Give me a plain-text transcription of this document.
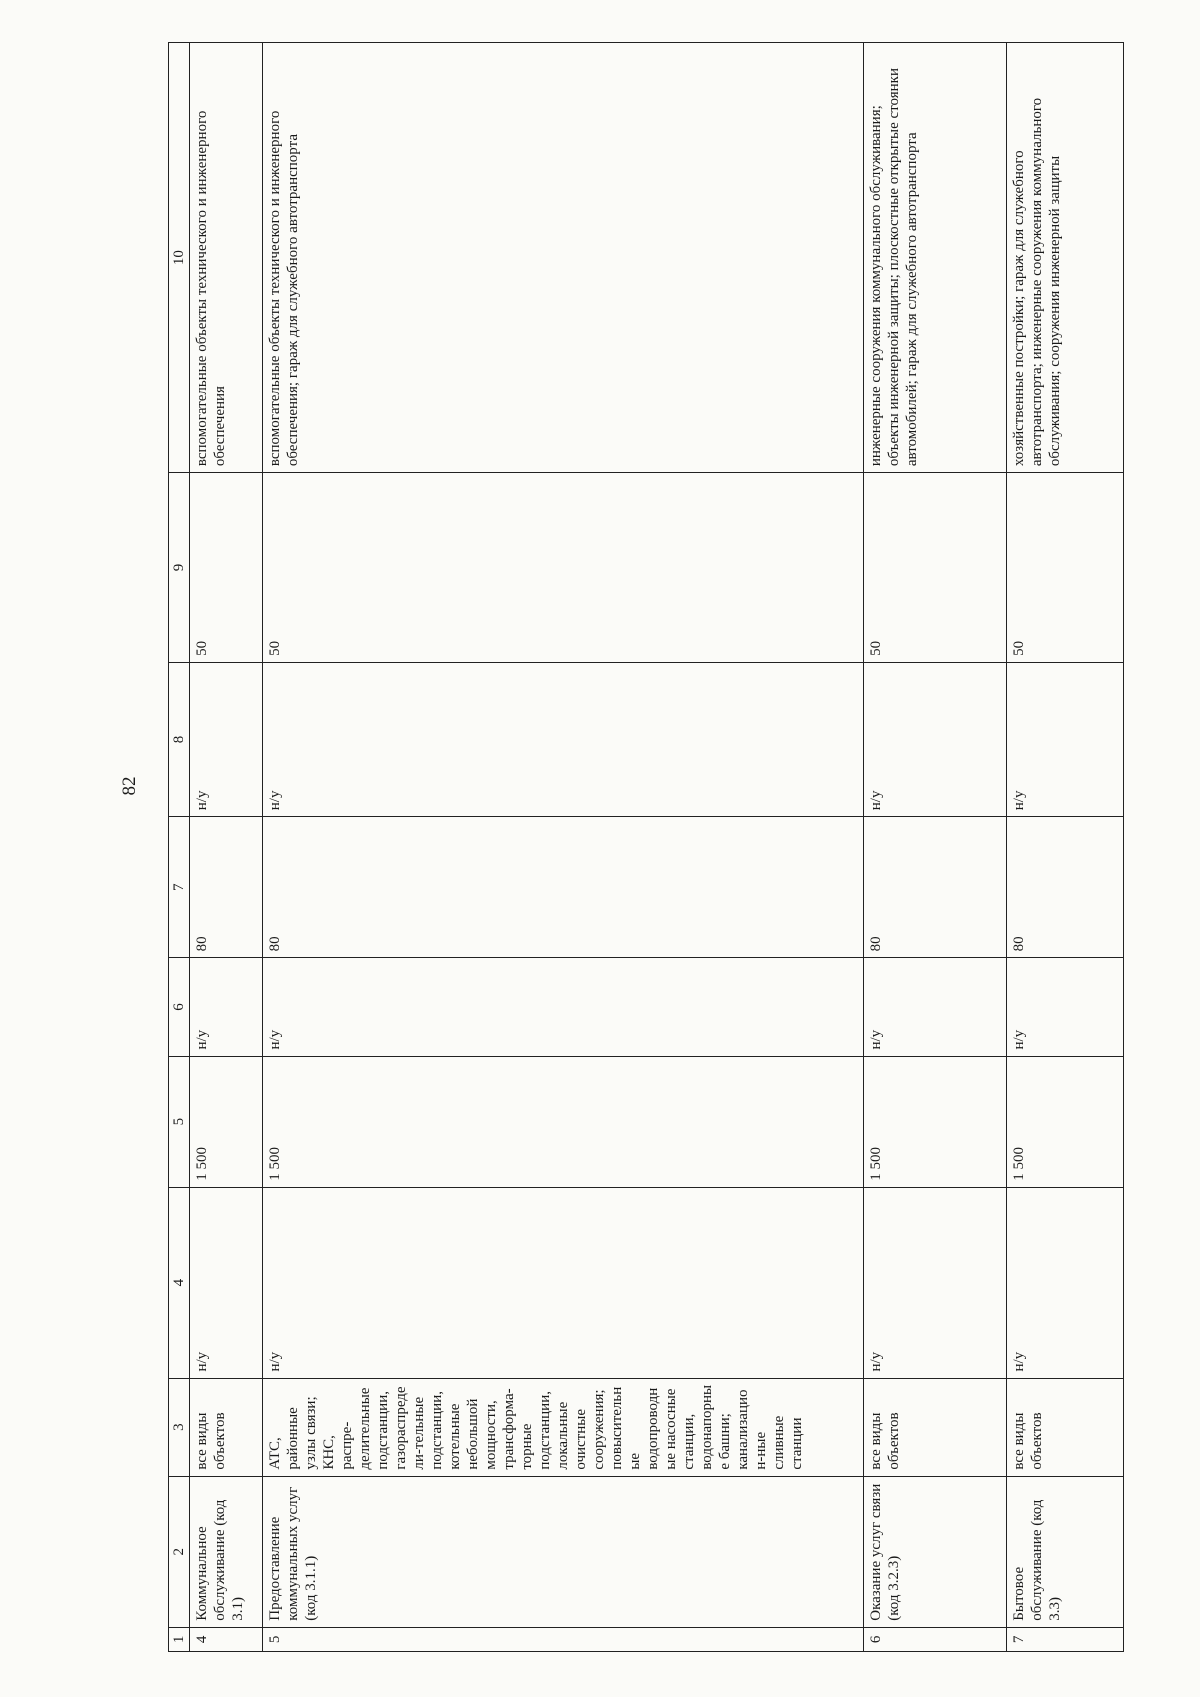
82
1	2	3	4	5	6	7	8	9	10
4	Коммунальное обслуживание (код 3.1)	все виды объектов	н/у	1 500	н/у	80	н/у	50	вспомогательные объекты технического и инженерного обеспечения
5	Предоставление коммунальных услуг (код 3.1.1)	АТС, районные узлы связи; КНС, распре-делительные подстанции, газораспредели-тельные подстанции, котельные небольшой мощности, трансформа-торные подстанции, локальные очистные сооружения; повысительные водопроводные насосные станции, водонапорные башни; канализацион-ные сливные станции	н/у	1 500	н/у	80	н/у	50	вспомогательные объекты технического и инженерного обеспечения; гараж для служебного автотранспорта
6	Оказание услуг связи (код 3.2.3)	все виды объектов	н/у	1 500	н/у	80	н/у	50	инженерные сооружения коммунального обслуживания; объекты инженерной защиты; плоскостные открытые стоянки автомобилей; гараж для служебного автотранспорта
7	Бытовое обслуживание (код 3.3)	все виды объектов	н/у	1 500	н/у	80	н/у	50	хозяйственные постройки; гараж для служебного автотранспорта; инженерные сооружения коммунального обслуживания; сооружения инженерной защиты
